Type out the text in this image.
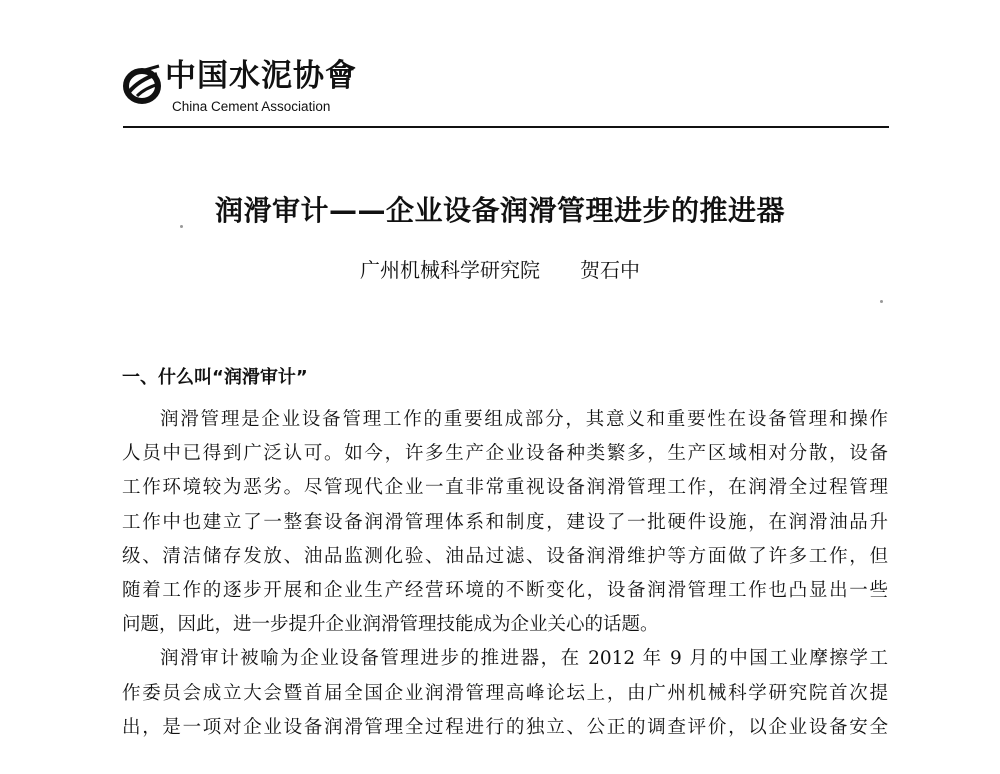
中国水泥协會
China Cement Association
润滑审计——企业设备润滑管理进步的推进器
广州机械科学研究院 贺石中
一、什么叫“润滑审计”
润滑管理是企业设备管理工作的重要组成部分，其意义和重要性在设备管理和操作
人员中已得到广泛认可。如今，许多生产企业设备种类繁多，生产区域相对分散，设备
工作环境较为恶劣。尽管现代企业一直非常重视设备润滑管理工作，在润滑全过程管理
工作中也建立了一整套设备润滑管理体系和制度，建设了一批硬件设施，在润滑油品升
级、清洁储存发放、油品监测化验、油品过滤、设备润滑维护等方面做了许多工作，但
随着工作的逐步开展和企业生产经营环境的不断变化，设备润滑管理工作也凸显出一些
问题，因此，进一步提升企业润滑管理技能成为企业关心的话题。
润滑审计被喻为企业设备管理进步的推进器，在 2012 年 9 月的中国工业摩擦学工
作委员会成立大会暨首届全国企业润滑管理高峰论坛上，由广州机械科学研究院首次提
出，是一项对企业设备润滑管理全过程进行的独立、公正的调查评价，以企业设备安全
